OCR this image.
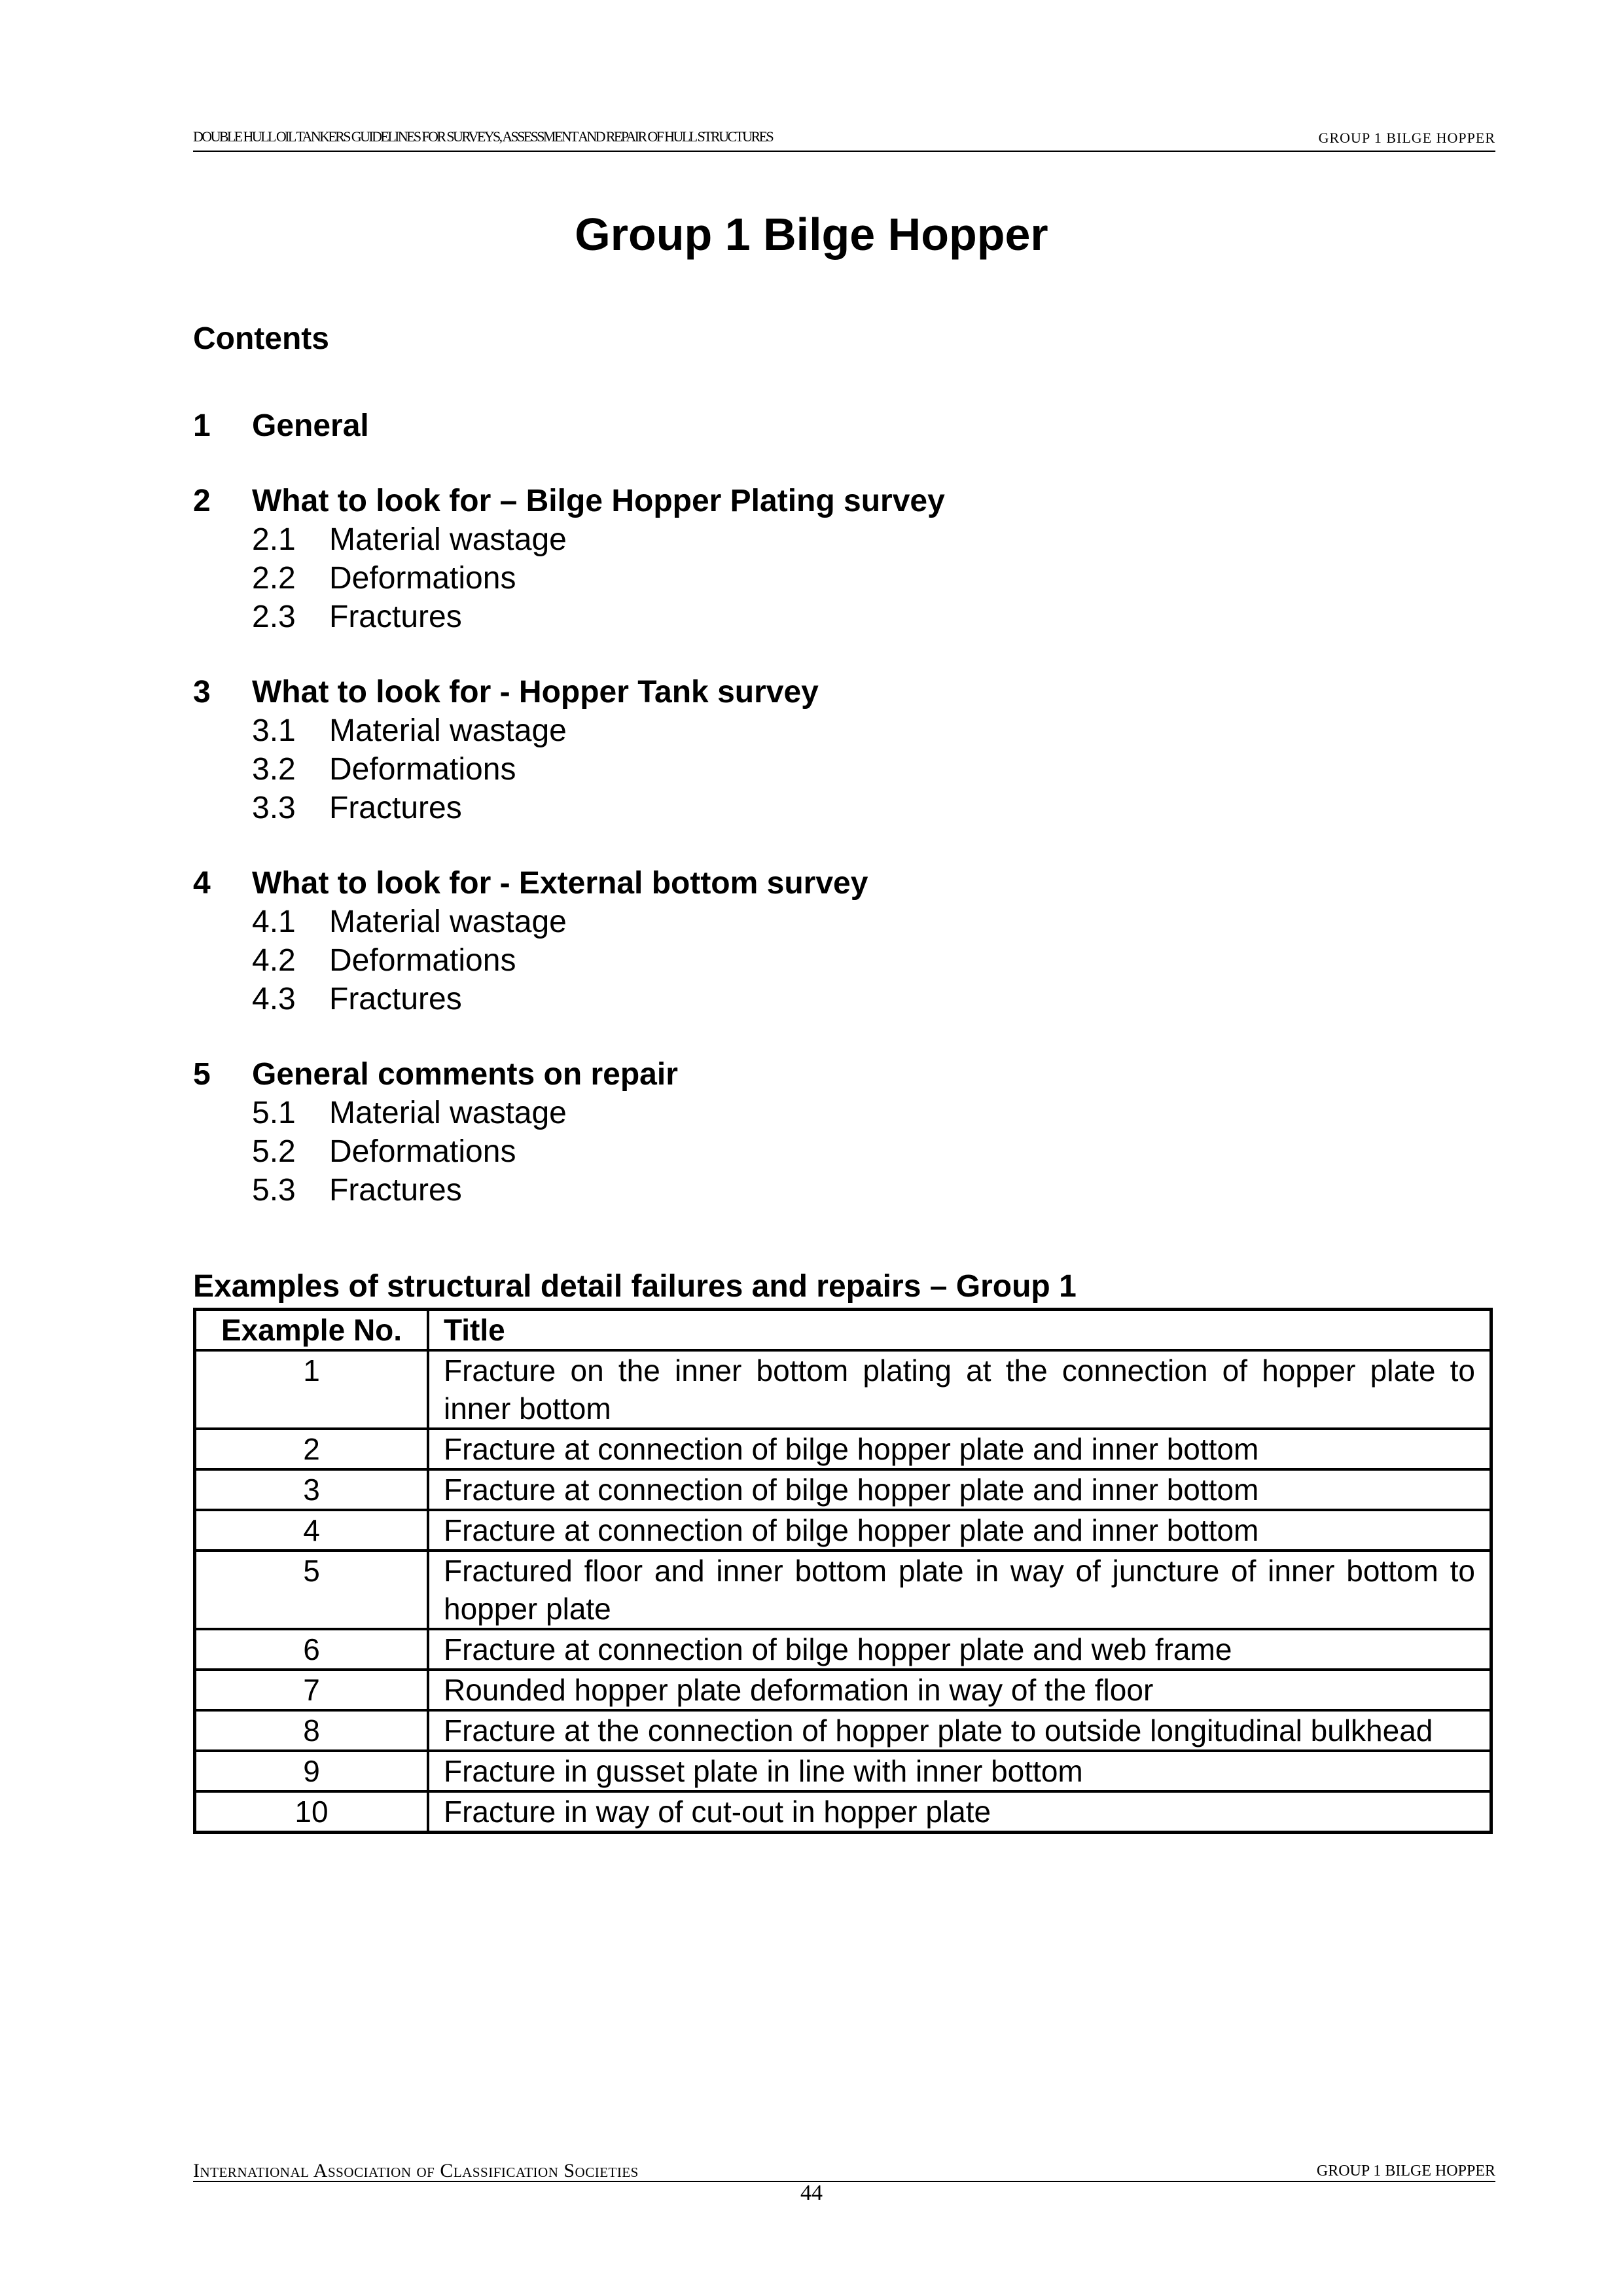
DOUBLE HULL OIL TANKERS GUIDELINES FOR SURVEYS, ASSESSMENT AND REPAIR OF HULL STRUCTURES	GROUP 1 BILGE HOPPER
Group 1 Bilge Hopper
Contents
1	General
2	What to look for – Bilge Hopper Plating survey
2.1	Material wastage
2.2	Deformations
2.3	Fractures
3	What to look for - Hopper Tank survey
3.1	Material wastage
3.2	Deformations
3.3	Fractures
4	What to look for - External bottom survey
4.1	Material wastage
4.2	Deformations
4.3	Fractures
5	General comments on repair
5.1	Material wastage
5.2	Deformations
5.3	Fractures
Examples of structural detail failures and repairs – Group 1
Example No.	Title
1	Fracture on the inner bottom plating at the connection of hopper plate to inner bottom
2	Fracture at connection of bilge hopper plate and inner bottom
3	Fracture at connection of bilge hopper plate and inner bottom
4	Fracture at connection of bilge hopper plate and inner bottom
5	Fractured floor and inner bottom plate in way of juncture of inner bottom to hopper plate
6	Fracture at connection of bilge hopper plate and web frame
7	Rounded hopper plate deformation in way of the floor
8	Fracture at the connection of hopper plate to outside longitudinal bulkhead
9	Fracture in gusset plate in line with inner bottom
10	Fracture in way of cut-out in hopper plate
International Association of Classification Societies	GROUP 1 BILGE HOPPER
44
